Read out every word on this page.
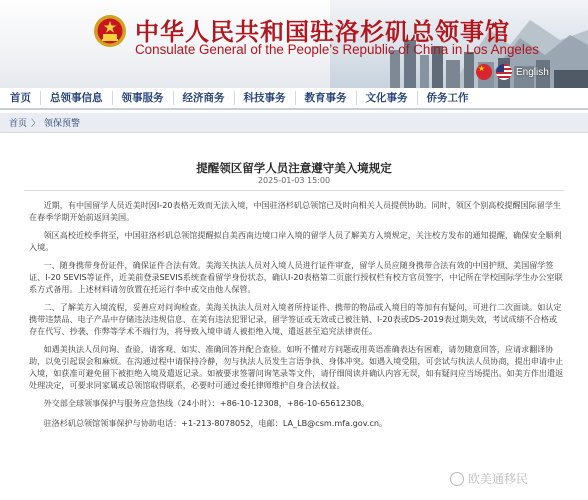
中华人民共和国驻洛杉矶总领事馆
Consulate General of the People’s Republic of China in Los Angeles
★
English
首页	总领事信息	领事服务	经济商务	科技事务	教育事务	文化事务	侨务工作
首页 〉 领保预警
提醒领区留学人员注意遵守美入境规定
2025-01-03 15:00

近期，有中国留学人员近美时因I-20表格无效而无法入境，中国驻洛杉矶总领馆已及时向相关人员提供协助。同时，领区个别高校提醒国际留学生在春季学期开始前返回美国。

领区高校近校季将至，中国驻洛杉矶总领馆提醒拟自美西南边境口岸入境的留学人员了解美方入境规定，关注校方发布的通知提醒，确保安全顺利入境。

一、随身携带身份证件，确保证件合法有效。美海关执法人员对入境人员进行证件审查，留学人员应随身携带合法有效的中国护照、美国留学签证、I-20 SEVIS等证件，近美前登录SEVIS系统查看留学身份状态，确认I-20表格第二页旅行授权栏有校方官员签字，中记所在学校国际学生办公室联系方式备用。上述材料请勿放置在托运行李中或交由他人保管。

二、了解美方入境流程，妥善应对问询检查。美海关执法人员对入境者所持证件、携带的物品或入境目的等加有有疑问，可进行二次面谈。如认定携带违禁品、电子产品中存储违法违规信息、在美有违法犯罪记录，留学签证或无效或已被注销、I-20表或DS-2019表过期失效，考试成绩不合格或存在代写、抄袭、作弊等学术不端行为，将导致入境申请人被拒绝入境、遣返甚至追究法律责任。

如遇美执法人员问询、查验，请客观、如实、准确回答并配合查验。如听不懂对方问题或用英语准确表达有困难，请勿随意回答，应请求翻译协助，以免引起误会和麻烦。在沟通过程中请保持冷静，勿与执法人员发生言语争执、身体冲突。如遇入境受阻，可尝试与执法人员协商，提出申请中止入境，如获准可避免留下被拒绝入境及遣返记录。如被要求签署问询笔录等文件，请仔细阅读并确认内容无误，如有疑问应当场提出。如美方作出遣返处理决定，可要求同家属或总领馆取得联系，必要时可通过委托律师维护自身合法权益。

外交部全球领事保护与服务应急热线（24小时）：+86-10-12308，+86-10-65612308。

驻洛杉矶总领馆领事保护与协助电话：+1-213-8078052，电邮：LA_LB@csm.mfa.gov.cn。

欧美通移民
